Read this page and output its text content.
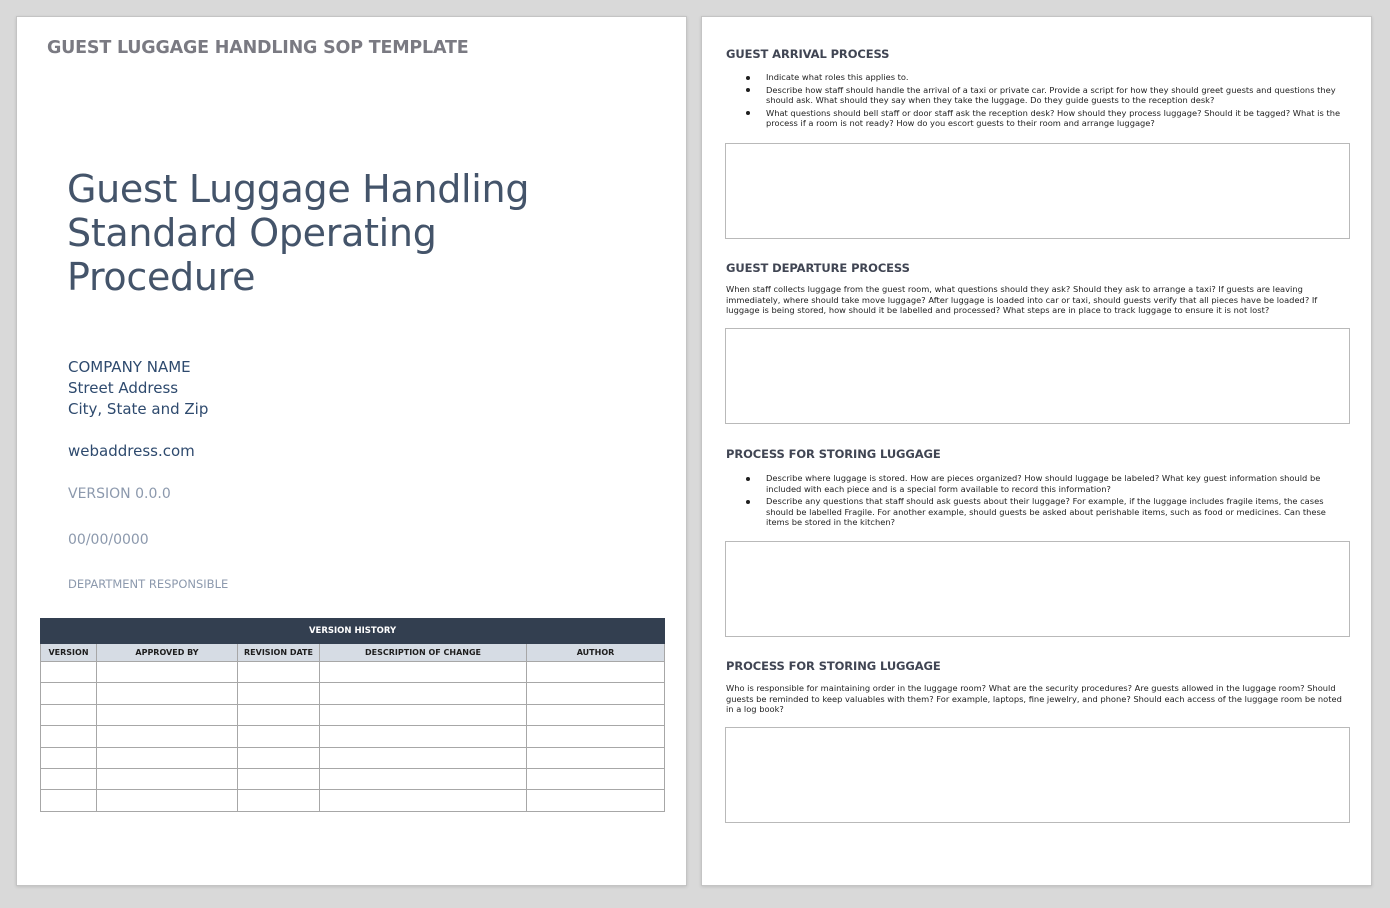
GUEST LUGGAGE HANDLING SOP TEMPLATE
Guest Luggage Handling
Standard Operating
Procedure
COMPANY NAME
Street Address
City, State and Zip
webaddress.com
VERSION 0.0.0
00/00/0000
DEPARTMENT RESPONSIBLE
VERSION HISTORY				
VERSION	APPROVED BY	REVISION DATE	DESCRIPTION OF CHANGE	AUTHOR

GUEST ARRIVAL PROCESS
Indicate what roles this applies to.
Describe how staff should handle the arrival of a taxi or private car. Provide a script for how they should greet guests and questions they should ask. What should they say when they take the luggage. Do they guide guests to the reception desk?
What questions should bell staff or door staff ask the reception desk? How should they process luggage? Should it be tagged? What is the process if a room is not ready? How do you escort guests to their room and arrange luggage?
GUEST DEPARTURE PROCESS
When staff collects luggage from the guest room, what questions should they ask? Should they ask to arrange a taxi? If guests are leaving immediately, where should take move luggage? After luggage is loaded into car or taxi, should guests verify that all pieces have be loaded? If luggage is being stored, how should it be labelled and processed? What steps are in place to track luggage to ensure it is not lost?
PROCESS FOR STORING LUGGAGE
Describe where luggage is stored. How are pieces organized? How should luggage be labeled? What key guest information should be included with each piece and is a special form available to record this information?
Describe any questions that staff should ask guests about their luggage? For example, if the luggage includes fragile items, the cases should be labelled Fragile. For another example, should guests be asked about perishable items, such as food or medicines. Can these items be stored in the kitchen?
PROCESS FOR STORING LUGGAGE
Who is responsible for maintaining order in the luggage room? What are the security procedures? Are guests allowed in the luggage room? Should guests be reminded to keep valuables with them? For example, laptops, fine jewelry, and phone? Should each access of the luggage room be noted in a log book?
